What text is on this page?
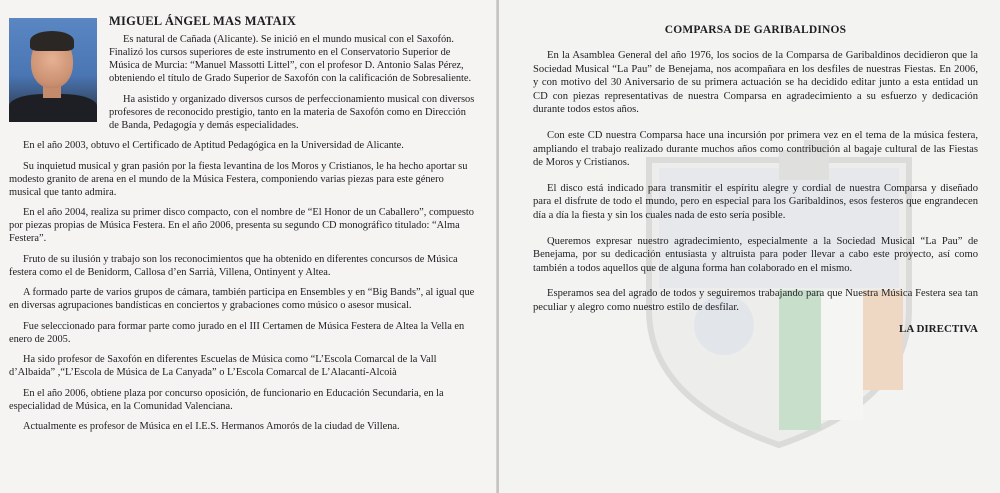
MIGUEL ÁNGEL MAS MATAIX

Es natural de Cañada (Alicante). Se inició en el mundo musical con el Saxofón. Finalizó los cursos superiores de este instrumento en el Conservatorio Superior de Música de Murcia: “Manuel Massotti Littel”, con el profesor D. Antonio Salas Pérez, obteniendo el título de Grado Superior de Saxofón con la calificación de Sobresaliente.

Ha asistido y organizado diversos cursos de perfeccionamiento musical con diversos profesores de reconocido prestigio, tanto en la materia de Saxofón como en Dirección de Banda, Pedagogía y demás especialidades.

En el año 2003, obtuvo el Certificado de Aptitud Pedagógica en la Universidad de Alicante.

Su inquietud musical y gran pasión por la fiesta levantina de los Moros y Cristianos, le ha hecho aportar su modesto granito de arena en el mundo de la Música Festera, componiendo varias piezas para este género musical que tanto admira.

En el año 2004, realiza su primer disco compacto, con el nombre de “El Honor de un Caballero”, compuesto por piezas propias de Música Festera. En el año 2006, presenta su segundo CD monográfico titulado: “Alma Festera”.

Fruto de su ilusión y trabajo son los reconocimientos que ha obtenido en diferentes concursos de Música festera como el de Benidorm, Callosa d’en Sarrià, Villena, Ontinyent y Altea.

A formado parte de varios grupos de cámara, también participa en Ensembles y en “Big Bands”, al igual que en diversas agrupaciones bandísticas en conciertos y grabaciones como músico o asesor musical.

Fue seleccionado para formar parte como jurado en el III Certamen de Música Festera de Altea la Vella en enero de 2005.

Ha sido profesor de Saxofón en diferentes Escuelas de Música como “L’Escola Comarcal de la Vall d’Albaida” ,“L’Escola de Música de La Canyada” o L’Escola Comarcal de L’Alacantí-Alcoià

En el año 2006, obtiene plaza por concurso oposición, de funcionario en Educación Secundaria, en la especialidad de Música, en la Comunidad Valenciana.

Actualmente es profesor de Música en el I.E.S. Hermanos Amorós de la ciudad de Villena.

COMPARSA DE GARIBALDINOS

En la Asamblea General del año 1976, los socios de la Comparsa de Garibaldinos decidieron que la Sociedad Musical “La Pau” de Benejama, nos acompañara en los desfiles de nuestras Fiestas. En 2006, y con motivo del 30 Aniversario de su primera actuación se ha decidido editar junto a esta entidad un CD con piezas representativas de nuestra Comparsa en agradecimiento a su esfuerzo y dedicación durante todos estos años.

Con este CD nuestra Comparsa hace una incursión por primera vez en el tema de la música festera, ampliando el trabajo realizado durante muchos años como contribución al bagaje cultural de las Fiestas de Moros y Cristianos.

El disco está indicado para transmitir el espíritu alegre y cordial de nuestra Comparsa y diseñado para el disfrute de todo el mundo, pero en especial para los Garibaldinos, esos festeros que engrandecen día a día la fiesta y sin los cuales nada de esto sería posible.

Queremos expresar nuestro agradecimiento, especialmente a la Sociedad Musical “La Pau” de Benejama, por su dedicación entusiasta y altruista para poder llevar a cabo este proyecto, así como también a todos aquellos que de alguna forma han colaborado en el mismo.

Esperamos sea del agrado de todos y seguiremos trabajando para que Nuestra Música Festera sea tan peculiar y alegro como nuestro estilo de desfilar.

LA DIRECTIVA
